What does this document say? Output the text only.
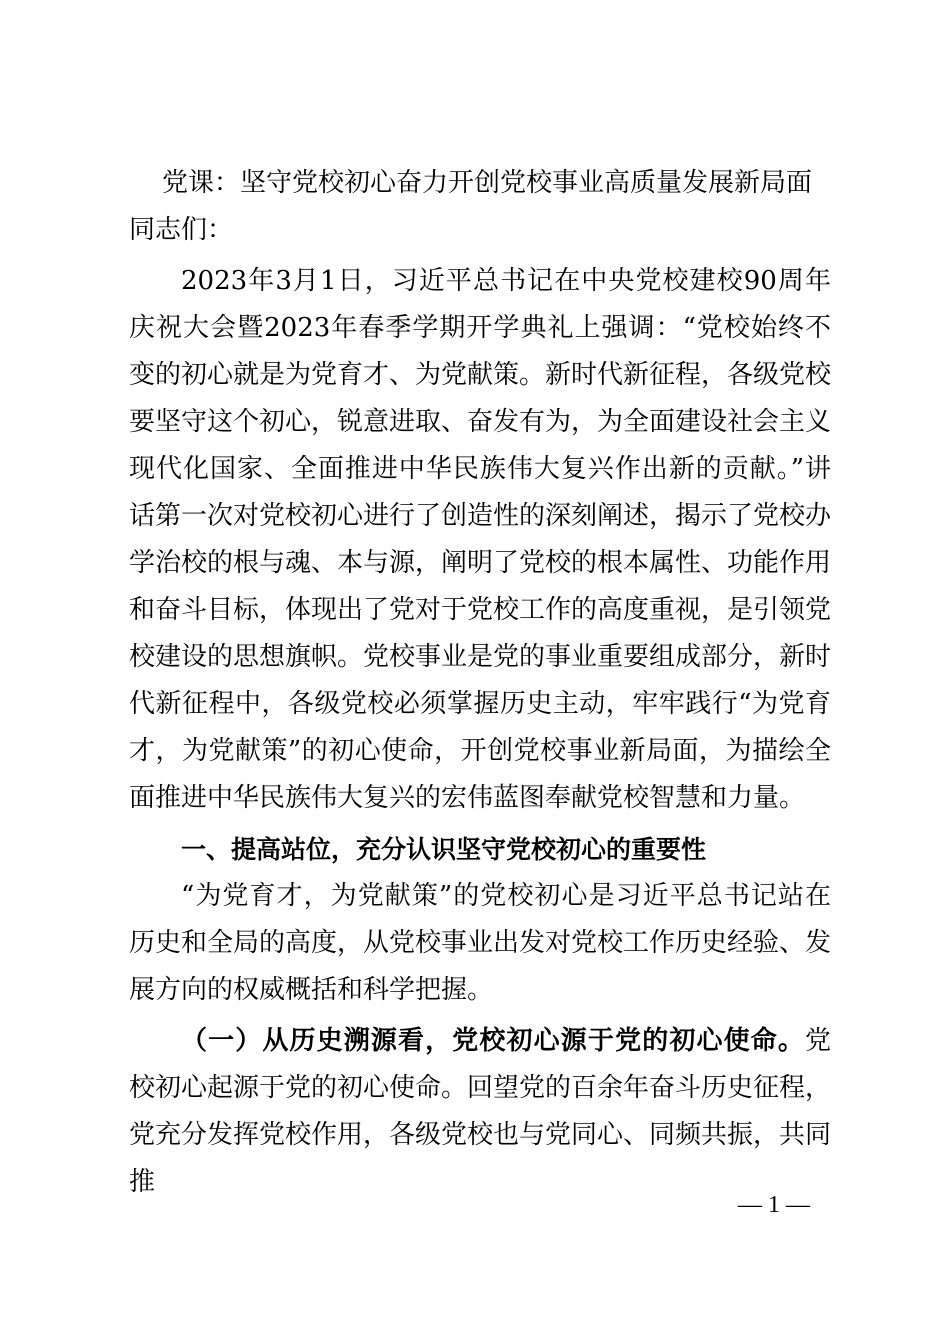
党课：坚守党校初心奋力开创党校事业高质量发展新局面

同志们：

2023年3月1日，习近平总书记在中央党校建校90周年庆祝大会暨2023年春季学期开学典礼上强调：“党校始终不变的初心就是为党育才、为党献策。新时代新征程，各级党校要坚守这个初心，锐意进取、奋发有为，为全面建设社会主义现代化国家、全面推进中华民族伟大复兴作出新的贡献。”讲话第一次对党校初心进行了创造性的深刻阐述，揭示了党校办学治校的根与魂、本与源，阐明了党校的根本属性、功能作用和奋斗目标，体现出了党对于党校工作的高度重视，是引领党校建设的思想旗帜。党校事业是党的事业重要组成部分，新时代新征程中，各级党校必须掌握历史主动，牢牢践行“为党育才，为党献策”的初心使命，开创党校事业新局面，为描绘全面推进中华民族伟大复兴的宏伟蓝图奉献党校智慧和力量。

一、提高站位，充分认识坚守党校初心的重要性

“为党育才，为党献策”的党校初心是习近平总书记站在历史和全局的高度，从党校事业出发对党校工作历史经验、发展方向的权威概括和科学把握。

（一）从历史溯源看，党校初心源于党的初心使命。党校初心起源于党的初心使命。回望党的百余年奋斗历史征程，党充分发挥党校作用，各级党校也与党同心、同频共振，共同推

— 1 —
